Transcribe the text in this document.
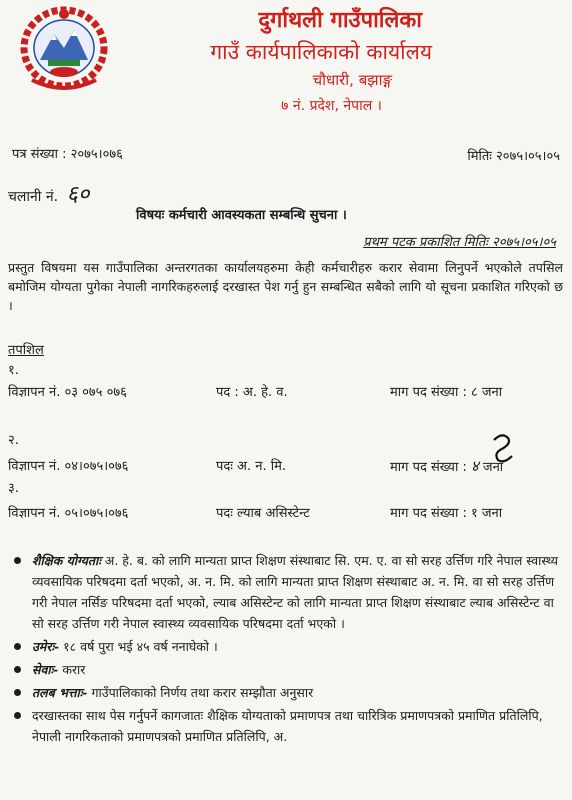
दुर्गाथली गाउँपालिका
गाउँ कार्यपालिकाको कार्यालय
चौधारी, बझाङ्ग
७ नं. प्रदेश, नेपाल ।
पत्र संख्या : २०७५।०७६	मितिः २०७५।०५।०५
चलानी नं. ६०
विषयः कर्मचारी आवस्यकता सम्बन्धि सुचना ।
प्रथम पटक प्रकाशित मितिः २०७५।०५।०५
प्रस्तुत विषयमा यस गाउँपालिका अन्तरगतका कार्यालयहरुमा केही कर्मचारीहरु करार सेवामा लिनुपर्ने भएकोले तपसिल बमोजिम योग्यता पुगेका नेपाली नागरिकहरुलाई दरखास्त पेश गर्नु हुन सम्बन्धित सबैको लागि यो सूचना प्रकाशित गरिएको छ ।
तपशिल
१.
विज्ञापन नं. ०३ ०७५ ०७६	पद : अ. हे. व.	माग पद संख्या : ८ जना
२.
विज्ञापन नं. ०४।०७५।०७६	पदः अ. न. मि.	माग पद संख्या : ४ जना
३.
विज्ञापन नं. ०५।०७५।०७६	पदः ल्याब असिस्टेन्ट	माग पद संख्या : १ जना
शैक्षिक योग्यताः अ. हे. ब. को लागि मान्यता प्राप्त शिक्षण संस्थाबाट सि. एम. ए. वा सो सरह उर्त्तिण गरि नेपाल स्वास्थ्य व्यवसायिक परिषदमा दर्ता भएको, अ. न. मि. को लागि मान्यता प्राप्त शिक्षण संस्थाबाट अ. न. मि. वा सो सरह उर्त्तिण गरी नेपाल नर्सिङ परिषदमा दर्ता भएको, ल्याब असिस्टेन्ट को लागि मान्यता प्राप्त शिक्षण संस्थाबाट ल्याब असिस्टेन्ट वा सो सरह उर्त्तिण गरी नेपाल स्वास्थ्य व्यवसायिक परिषदमा दर्ता भएको ।
उमेरः- १८ वर्ष पुरा भई ४५ वर्ष ननाघेको ।
सेवाः- करार
तलब भत्ताः- गाउँपालिकाको निर्णय तथा करार सम्झौता अनुसार
दरखास्तका साथ पेस गर्नुपर्ने कागजातः शैक्षिक योग्यताको प्रमाणपत्र तथा चारित्रिक प्रमाणपत्रको प्रमाणित प्रतिलिपि, नेपाली नागरिकताको प्रमाणपत्रको प्रमाणित प्रतिलिपि, अ.
